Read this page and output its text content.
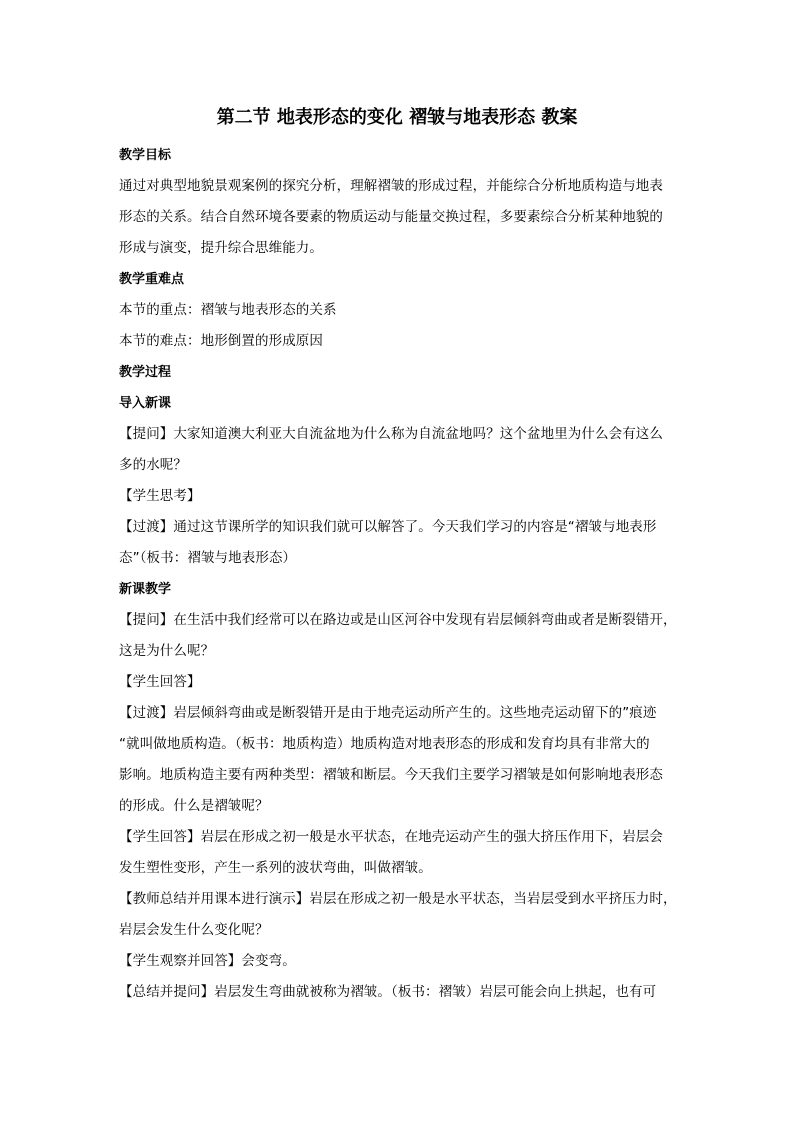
第二节 地表形态的变化 褶皱与地表形态 教案
教学目标
通过对典型地貌景观案例的探究分析，理解褶皱的形成过程，并能综合分析地质构造与地表
形态的关系。结合自然环境各要素的物质运动与能量交换过程，多要素综合分析某种地貌的
形成与演变，提升综合思维能力。
教学重难点
本节的重点：褶皱与地表形态的关系
本节的难点：地形倒置的形成原因
教学过程
导入新课
【提问】大家知道澳大利亚大自流盆地为什么称为自流盆地吗？这个盆地里为什么会有这么
多的水呢？
【学生思考】
【过渡】通过这节课所学的知识我们就可以解答了。今天我们学习的内容是“褶皱与地表形
态”（板书：褶皱与地表形态）
新课教学
【提问】在生活中我们经常可以在路边或是山区河谷中发现有岩层倾斜弯曲或者是断裂错开，
这是为什么呢？
【学生回答】
【过渡】岩层倾斜弯曲或是断裂错开是由于地壳运动所产生的。这些地壳运动留下的”痕迹
“就叫做地质构造。（板书：地质构造）地质构造对地表形态的形成和发育均具有非常大的
影响。地质构造主要有两种类型：褶皱和断层。今天我们主要学习褶皱是如何影响地表形态
的形成。什么是褶皱呢？
【学生回答】岩层在形成之初一般是水平状态，在地壳运动产生的强大挤压作用下，岩层会
发生塑性变形，产生一系列的波状弯曲，叫做褶皱。
【教师总结并用课本进行演示】岩层在形成之初一般是水平状态，当岩层受到水平挤压力时，
岩层会发生什么变化呢？
【学生观察并回答】会变弯。
【总结并提问】岩层发生弯曲就被称为褶皱。（板书：褶皱）岩层可能会向上拱起，也有可
